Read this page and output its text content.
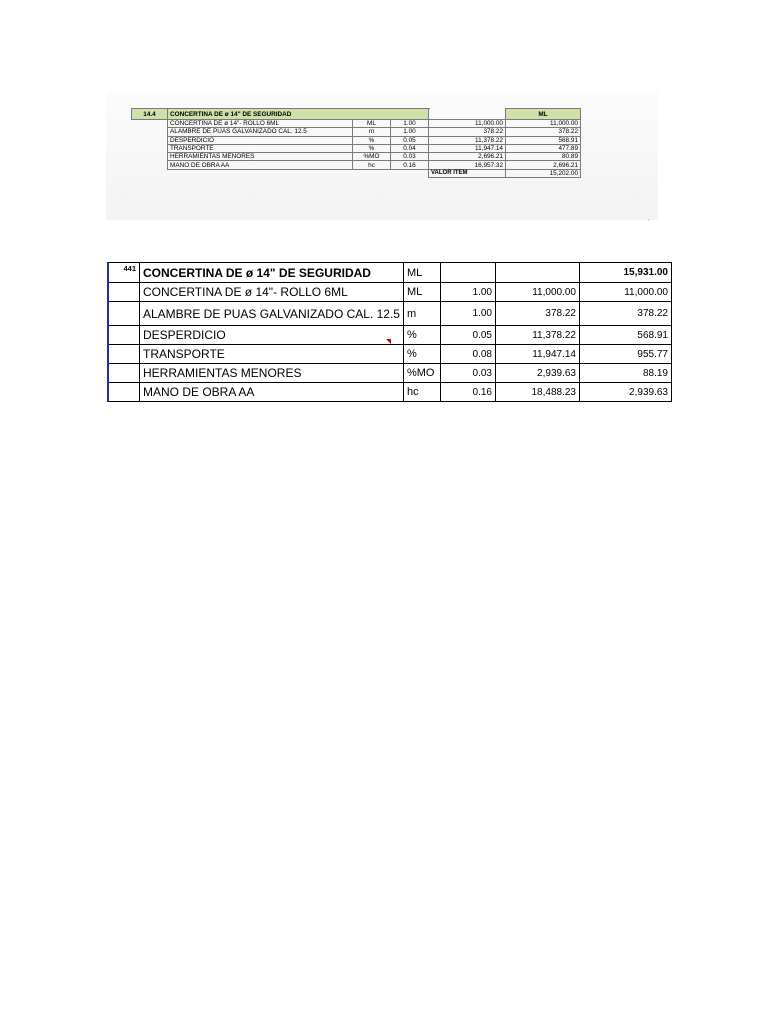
14.4	CONCERTINA DE ø 14" DE SEGURIDAD				ML
	CONCERTINA DE ø 14"- ROLLO 6ML	ML	1.00	11,000.00	11,000.00
	ALAMBRE DE PUAS GALVANIZADO CAL. 12.5	m	1.00	378.22	378.22
	DESPERDICIO	%	0.05	11,378.22	568.91
	TRANSPORTE	%	0.04	11,947.14	477.89
	HERRAMIENTAS MENORES	%MO	0.03	2,696.21	80.89
	MANO DE OBRA AA	hc	0.16	16,957.32	2,696.21
				VALOR ITEM	15,202.00
,
441	CONCERTINA DE ø 14" DE SEGURIDAD	ML			15,931.00
	CONCERTINA DE ø 14"- ROLLO 6ML	ML	1.00	11,000.00	11,000.00
	ALAMBRE DE PUAS GALVANIZADO CAL. 12.5	m	1.00	378.22	378.22
	DESPERDICIO	%	0.05	11,378.22	568.91
	TRANSPORTE	%	0.08	11,947.14	955.77
	HERRAMIENTAS MENORES	%MO	0.03	2,939.63	88.19
	MANO DE OBRA AA	hc	0.16	18,488.23	2,939.63
